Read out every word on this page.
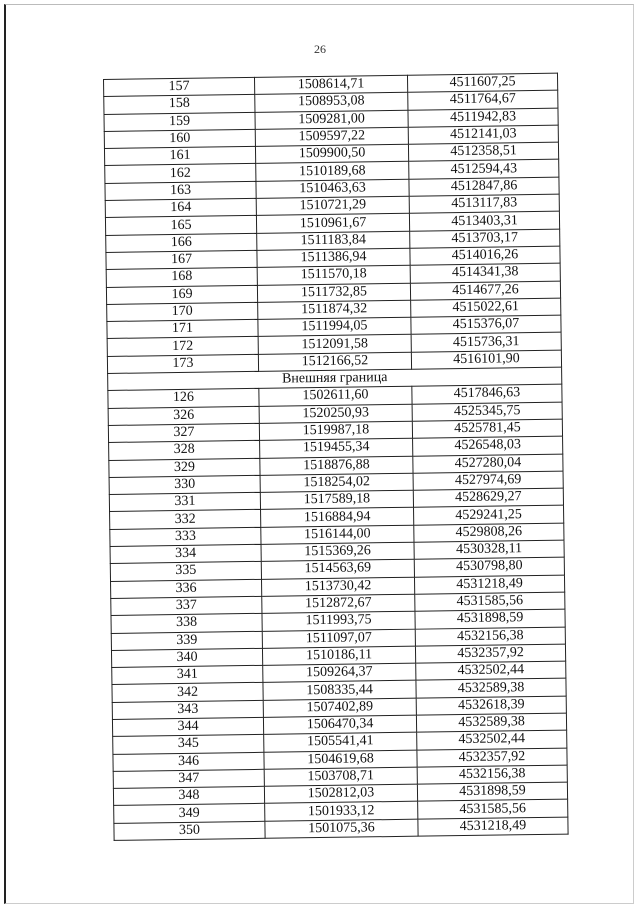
26
157	1508614,71	4511607,25
158	1508953,08	4511764,67
159	1509281,00	4511942,83
160	1509597,22	4512141,03
161	1509900,50	4512358,51
162	1510189,68	4512594,43
163	1510463,63	4512847,86
164	1510721,29	4513117,83
165	1510961,67	4513403,31
166	1511183,84	4513703,17
167	1511386,94	4514016,26
168	1511570,18	4514341,38
169	1511732,85	4514677,26
170	1511874,32	4515022,61
171	1511994,05	4515376,07
172	1512091,58	4515736,31
173	1512166,52	4516101,90
Внешняя граница		
126	1502611,60	4517846,63
326	1520250,93	4525345,75
327	1519987,18	4525781,45
328	1519455,34	4526548,03
329	1518876,88	4527280,04
330	1518254,02	4527974,69
331	1517589,18	4528629,27
332	1516884,94	4529241,25
333	1516144,00	4529808,26
334	1515369,26	4530328,11
335	1514563,69	4530798,80
336	1513730,42	4531218,49
337	1512872,67	4531585,56
338	1511993,75	4531898,59
339	1511097,07	4532156,38
340	1510186,11	4532357,92
341	1509264,37	4532502,44
342	1508335,44	4532589,38
343	1507402,89	4532618,39
344	1506470,34	4532589,38
345	1505541,41	4532502,44
346	1504619,68	4532357,92
347	1503708,71	4532156,38
348	1502812,03	4531898,59
349	1501933,12	4531585,56
350	1501075,36	4531218,49
